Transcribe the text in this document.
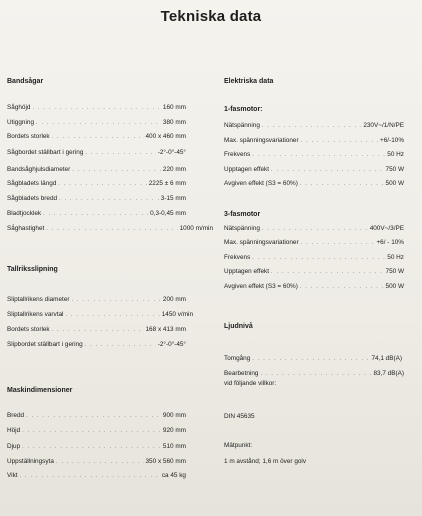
Tekniska data
Bandsågar
Såghöjd . . .	160 mm
Utiggning . . .	380 mm
Bordets storlek . . .	400 x 460 mm
Sågbordet ställbart i gering . . .	-2°-0°-45°
Bandsåghjulsdiameter . . .	220 mm
Sågbladets längd . . .	2225 ± 6 mm
Sågbladets bredd . . .	3-15 mm
Bladtjocklek . . .	0,3-0,45 mm
Sǻghastighet . . .	1000 m/min
Tallriksslipning
Sliptallrikens diameter . . .	200 mm
Sliptallrikens varvtal . . .	1450 v/min
Bordets storlek . . .	168 x 413 mm
Slipbordet ställbart i gering . . .	-2°-0°-45°
Maskindimensioner
Bredd . . .	900 mm
Höjd . . .	920 mm
Djup . . .	510 mm
Uppställningsyta . . .	350 x 560 mm
Vikt . . .	ca 45 kg
Elektriska data
1-fasmotor:
Nätspänning . . .	230V~/1/N/PE
Max. spänningsvariationer . . .	+6/-10%
Frekvens . . .	50 Hz
Upptagen effekt . . .	750 W
Avgiven effekt (S3 = 60%) . . .	500 W
3-fasmotor
Nätspänning . . .	400V~/3/PE
Max. spänningsvariationer . . .	+6/ - 10%
Frekvens . . .	50 Hz
Upptagen effekt . . .	750 W
Avgiven effekt (S3 = 60%) . . .	500 W
Ljudnivå
Tomgång . . .	74,1 dB(A)
Bearbetning . . .	83,7 dB(A)
vid följande villkor:
DIN 45635
Mätpunkt:
1 m avstånd; 1,6 m över golv
